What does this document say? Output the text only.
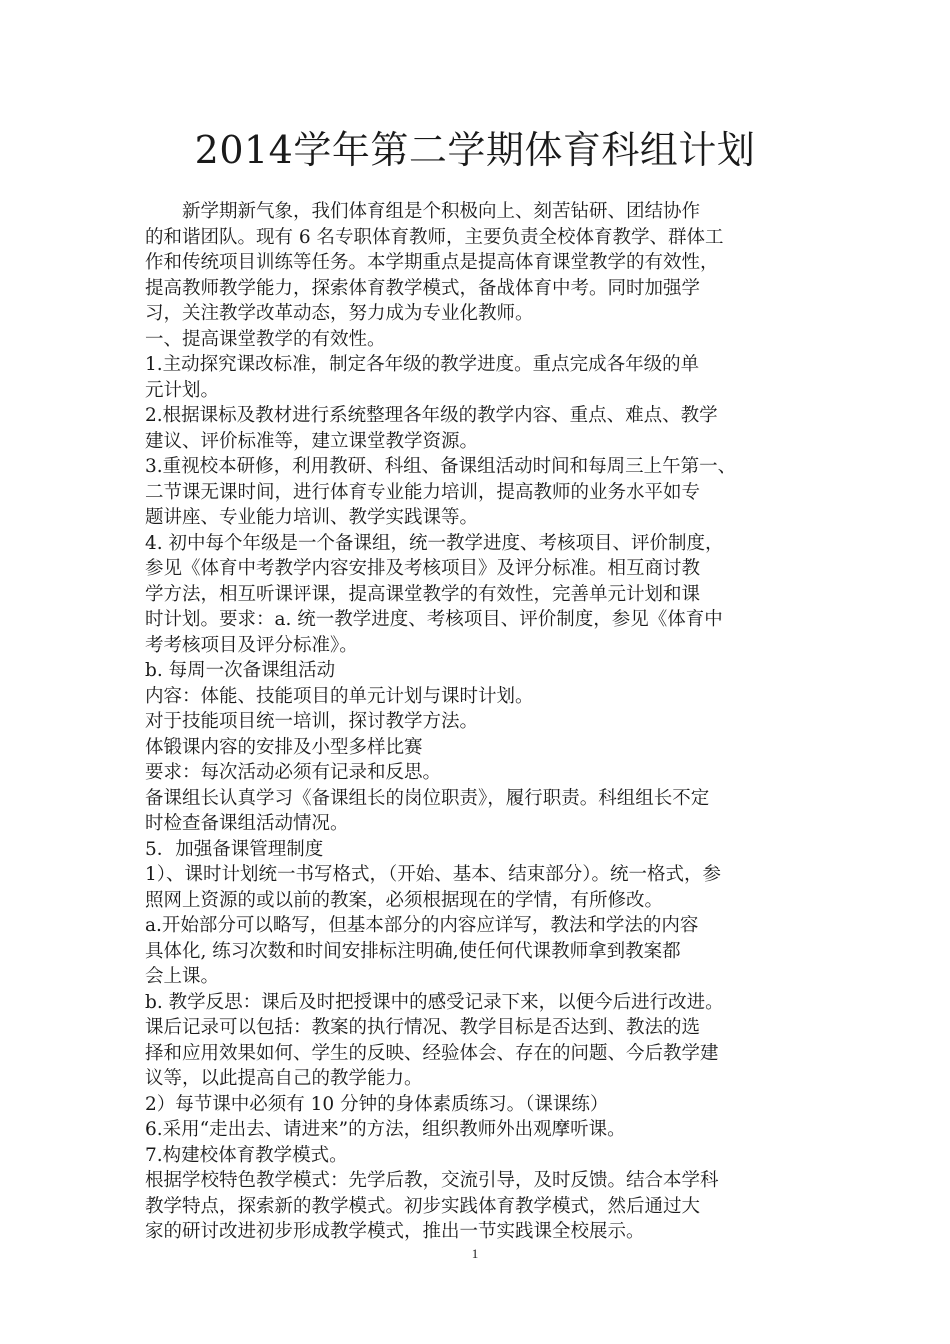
2014学年第二学期体育科组计划

　　新学期新气象，我们体育组是个积极向上、刻苦钻研、团结协作

的和谐团队。现有 6 名专职体育教师，主要负责全校体育教学、群体工

作和传统项目训练等任务。本学期重点是提高体育课堂教学的有效性，

提高教师教学能力，探索体育教学模式，备战体育中考。同时加强学

习，关注教学改革动态，努力成为专业化教师。

一、提高课堂教学的有效性。

1.主动探究课改标准，制定各年级的教学进度。重点完成各年级的单

元计划。

2.根据课标及教材进行系统整理各年级的教学内容、重点、难点、教学

建议、评价标准等，建立课堂教学资源。

3.重视校本研修，利用教研、科组、备课组活动时间和每周三上午第一、

二节课无课时间，进行体育专业能力培训，提高教师的业务水平如专

题讲座、专业能力培训、教学实践课等。

4. 初中每个年级是一个备课组，统一教学进度、考核项目、评价制度，

参见《体育中考教学内容安排及考核项目》及评分标准。相互商讨教

学方法，相互听课评课，提高课堂教学的有效性，完善单元计划和课

时计划。要求：a. 统一教学进度、考核项目、评价制度，参见《体育中

考考核项目及评分标准》。

b. 每周一次备课组活动

内容：体能、技能项目的单元计划与课时计划。

对于技能项目统一培训，探讨教学方法。

体锻课内容的安排及小型多样比赛

要求：每次活动必须有记录和反思。

备课组长认真学习《备课组长的岗位职责》，履行职责。科组组长不定

时检查备课组活动情况。

5．加强备课管理制度

1）、课时计划统一书写格式，（开始、基本、结束部分）。统一格式，参

照网上资源的或以前的教案，必须根据现在的学情，有所修改。

a.开始部分可以略写，但基本部分的内容应详写，教法和学法的内容

具体化, 练习次数和时间安排标注明确,使任何代课教师拿到教案都

会上课。

b. 教学反思：课后及时把授课中的感受记录下来，以便今后进行改进。

课后记录可以包括：教案的执行情况、教学目标是否达到、教法的选

择和应用效果如何、学生的反映、经验体会、存在的问题、今后教学建

议等，以此提高自己的教学能力。

2）每节课中必须有 10 分钟的身体素质练习。（课课练）

6.采用“走出去、请进来”的方法，组织教师外出观摩听课。

7.构建校体育教学模式。

根据学校特色教学模式：先学后教，交流引导，及时反馈。结合本学科

教学特点，探索新的教学模式。初步实践体育教学模式，然后通过大

家的研讨改进初步形成教学模式，推出一节实践课全校展示。

1
